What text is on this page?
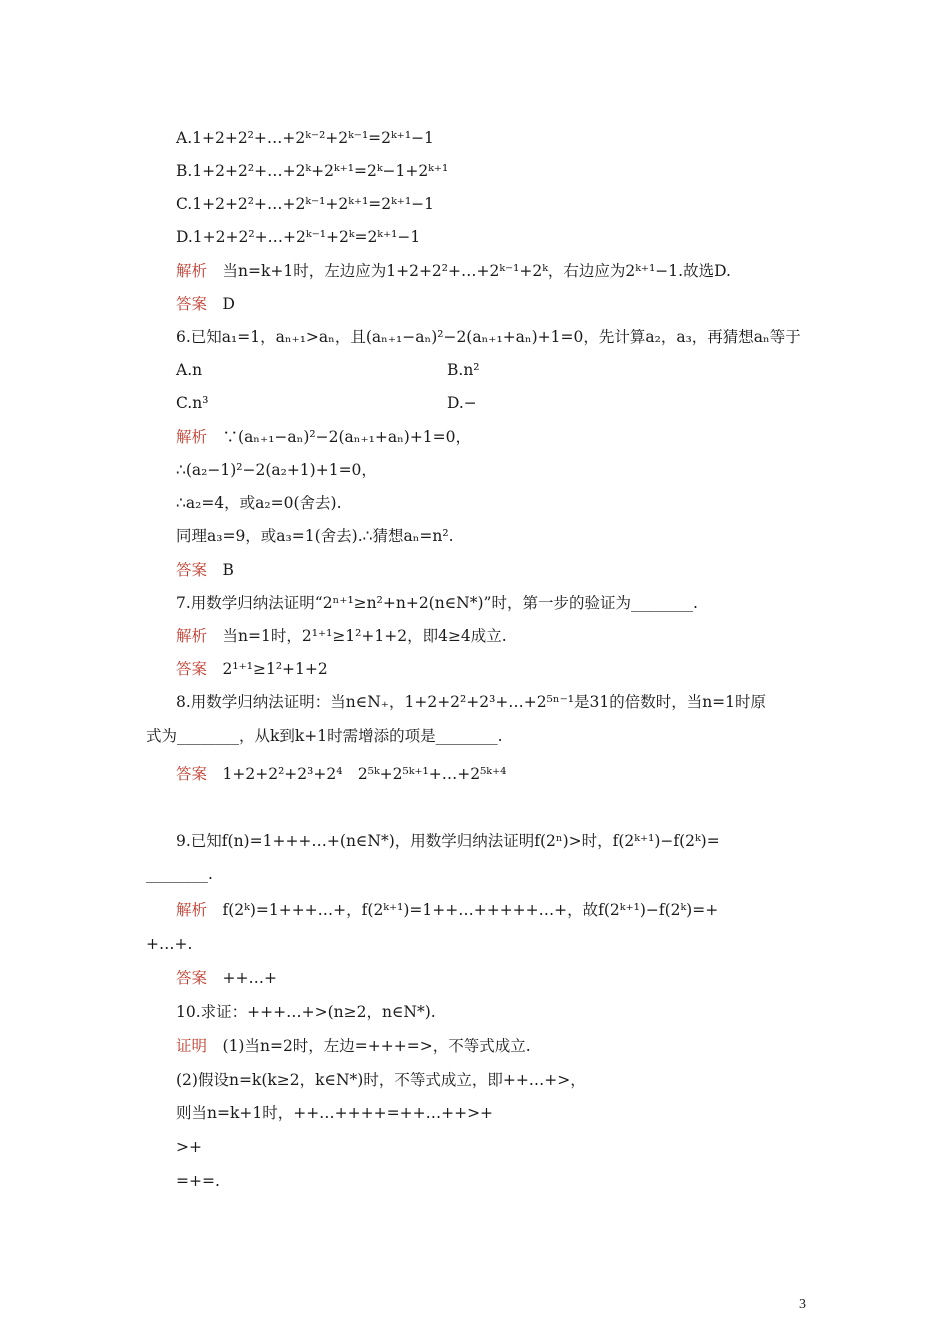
A.1+2+2²+…+2ᵏ⁻²+2ᵏ⁻¹=2ᵏ⁺¹−1
B.1+2+2²+…+2ᵏ+2ᵏ⁺¹=2ᵏ−1+2ᵏ⁺¹
C.1+2+2²+…+2ᵏ⁻¹+2ᵏ⁺¹=2ᵏ⁺¹−1
D.1+2+2²+…+2ᵏ⁻¹+2ᵏ=2ᵏ⁺¹−1
解析　当n=k+1时，左边应为1+2+2²+…+2ᵏ⁻¹+2ᵏ，右边应为2ᵏ⁺¹−1.故选D.
答案　D
6.已知a₁=1，aₙ₊₁>aₙ，且(aₙ₊₁−aₙ)²−2(aₙ₊₁+aₙ)+1=0，先计算a₂，a₃，再猜想aₙ等于
A.n	B.n²
C.n³	D.−
解析　∵(aₙ₊₁−aₙ)²−2(aₙ₊₁+aₙ)+1=0，
∴(a₂−1)²−2(a₂+1)+1=0，
∴a₂=4，或a₂=0(舍去).
同理a₃=9，或a₃=1(舍去).∴猜想aₙ=n².
答案　B
7.用数学归纳法证明“2ⁿ⁺¹≥n²+n+2(n∈N*)”时，第一步的验证为________.
解析　当n=1时，2¹⁺¹≥1²+1+2，即4≥4成立.
答案　2¹⁺¹≥1²+1+2
8.用数学归纳法证明：当n∈N₊，1+2+2²+2³+…+2⁵ⁿ⁻¹是31的倍数时，当n=1时原
式为________，从k到k+1时需增添的项是________.
答案　1+2+2²+2³+2⁴　2⁵ᵏ+2⁵ᵏ⁺¹+…+2⁵ᵏ⁺⁴
9.已知f(n)=1+++…+(n∈N*)，用数学归纳法证明f(2ⁿ)>时，f(2ᵏ⁺¹)−f(2ᵏ)=
________.
解析　f(2ᵏ)=1+++…+，f(2ᵏ⁺¹)=1++…+++++…+，故f(2ᵏ⁺¹)−f(2ᵏ)=+
+…+.
答案　++…+
10.求证：+++…+>(n≥2，n∈N*).
证明　(1)当n=2时，左边=+++=>，不等式成立.
(2)假设n=k(k≥2，k∈N*)时，不等式成立，即++…+>，
则当n=k+1时，++…++++=++…++>+
>+
=+=.
3
